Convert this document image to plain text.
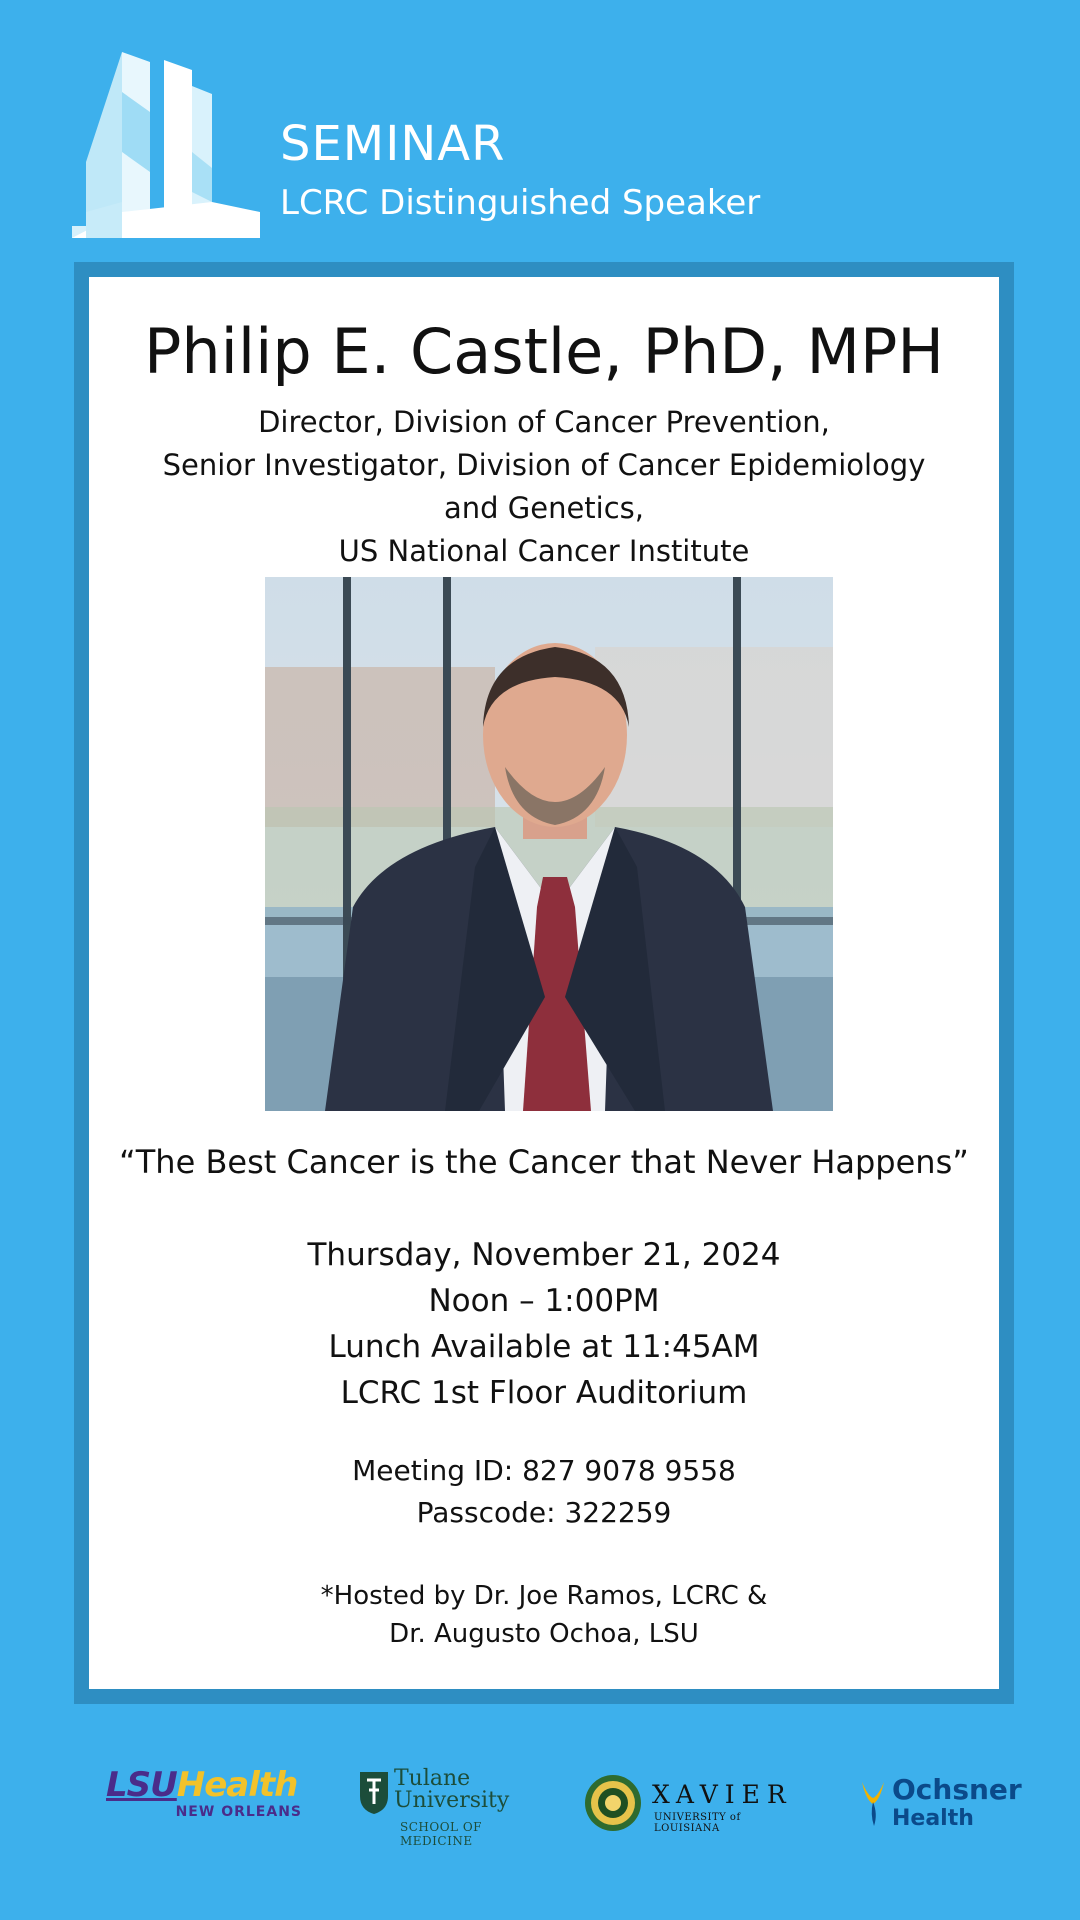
SEMINAR
LCRC Distinguished Speaker
Philip E. Castle, PhD, MPH
Director, Division of Cancer Prevention,
Senior Investigator, Division of Cancer Epidemiology
and Genetics,
US National Cancer Institute
“The Best Cancer is the Cancer that Never Happens”
Thursday, November 21, 2024
Noon – 1:00PM
Lunch Available at 11:45AM
LCRC 1st Floor Auditorium
Meeting ID: 827 9078 9558
Passcode: 322259
*Hosted by Dr. Joe Ramos, LCRC &
Dr. Augusto Ochoa, LSU
LSUHealth
NEW ORLEANS
Tulane
University
SCHOOL OF MEDICINE
XAVIER
UNIVERSITY of LOUISIANA
Ochsner
Health
